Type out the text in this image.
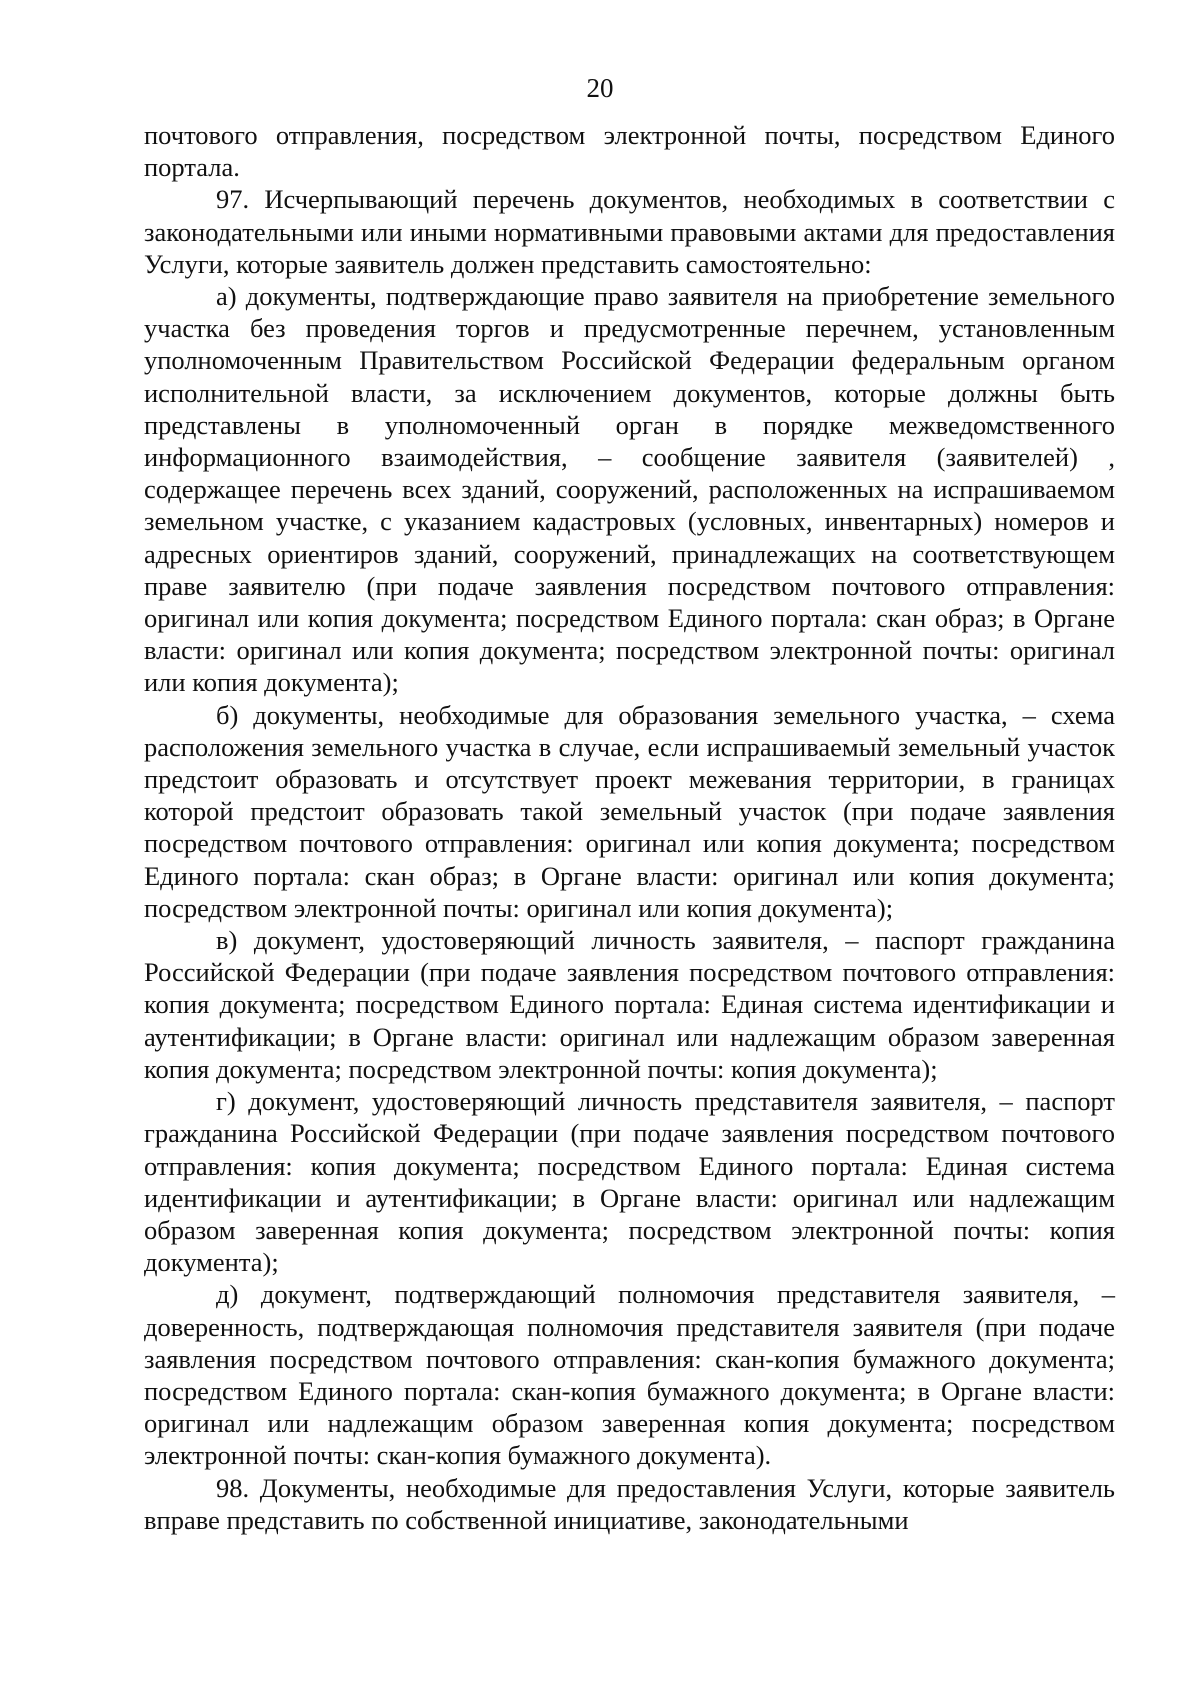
20

почтового отправления, посредством электронной почты, посредством Единого портала.

97. Исчерпывающий перечень документов, необходимых в соответствии с законодательными или иными нормативными правовыми актами для предоставления Услуги, которые заявитель должен представить самостоятельно:

а) документы, подтверждающие право заявителя на приобретение земельного участка без проведения торгов и предусмотренные перечнем, установленным уполномоченным Правительством Российской Федерации федеральным органом исполнительной власти, за исключением документов, которые должны быть представлены в уполномоченный орган в порядке межведомственного информационного взаимодействия, – сообщение заявителя (заявителей) , содержащее перечень всех зданий, сооружений, расположенных на испрашиваемом земельном участке, с указанием кадастровых (условных, инвентарных) номеров и адресных ориентиров зданий, сооружений, принадлежащих на соответствующем праве заявителю (при подаче заявления посредством почтового отправления: оригинал или копия документа; посредством Единого портала: скан образ; в Органе власти: оригинал или копия документа; посредством электронной почты: оригинал или копия документа);

б) документы, необходимые для образования земельного участка, – схема расположения земельного участка в случае, если испрашиваемый земельный участок предстоит образовать и отсутствует проект межевания территории, в границах которой предстоит образовать такой земельный участок (при подаче заявления посредством почтового отправления: оригинал или копия документа; посредством Единого портала: скан образ; в Органе власти: оригинал или копия документа; посредством электронной почты: оригинал или копия документа);

в) документ, удостоверяющий личность заявителя, – паспорт гражданина Российской Федерации (при подаче заявления посредством почтового отправления: копия документа; посредством Единого портала: Единая система идентификации и аутентификации; в Органе власти: оригинал или надлежащим образом заверенная копия документа; посредством электронной почты: копия документа);

г) документ, удостоверяющий личность представителя заявителя, – паспорт гражданина Российской Федерации (при подаче заявления посредством почтового отправления: копия документа; посредством Единого портала: Единая система идентификации и аутентификации; в Органе власти: оригинал или надлежащим образом заверенная копия документа; посредством электронной почты: копия документа);

д) документ, подтверждающий полномочия представителя заявителя, – доверенность, подтверждающая полномочия представителя заявителя (при подаче заявления посредством почтового отправления: скан-копия бумажного документа; посредством Единого портала: скан-копия бумажного документа; в Органе власти: оригинал или надлежащим образом заверенная копия документа; посредством электронной почты: скан-копия бумажного документа).

98. Документы, необходимые для предоставления Услуги, которые заявитель вправе представить по собственной инициативе, законодательными
